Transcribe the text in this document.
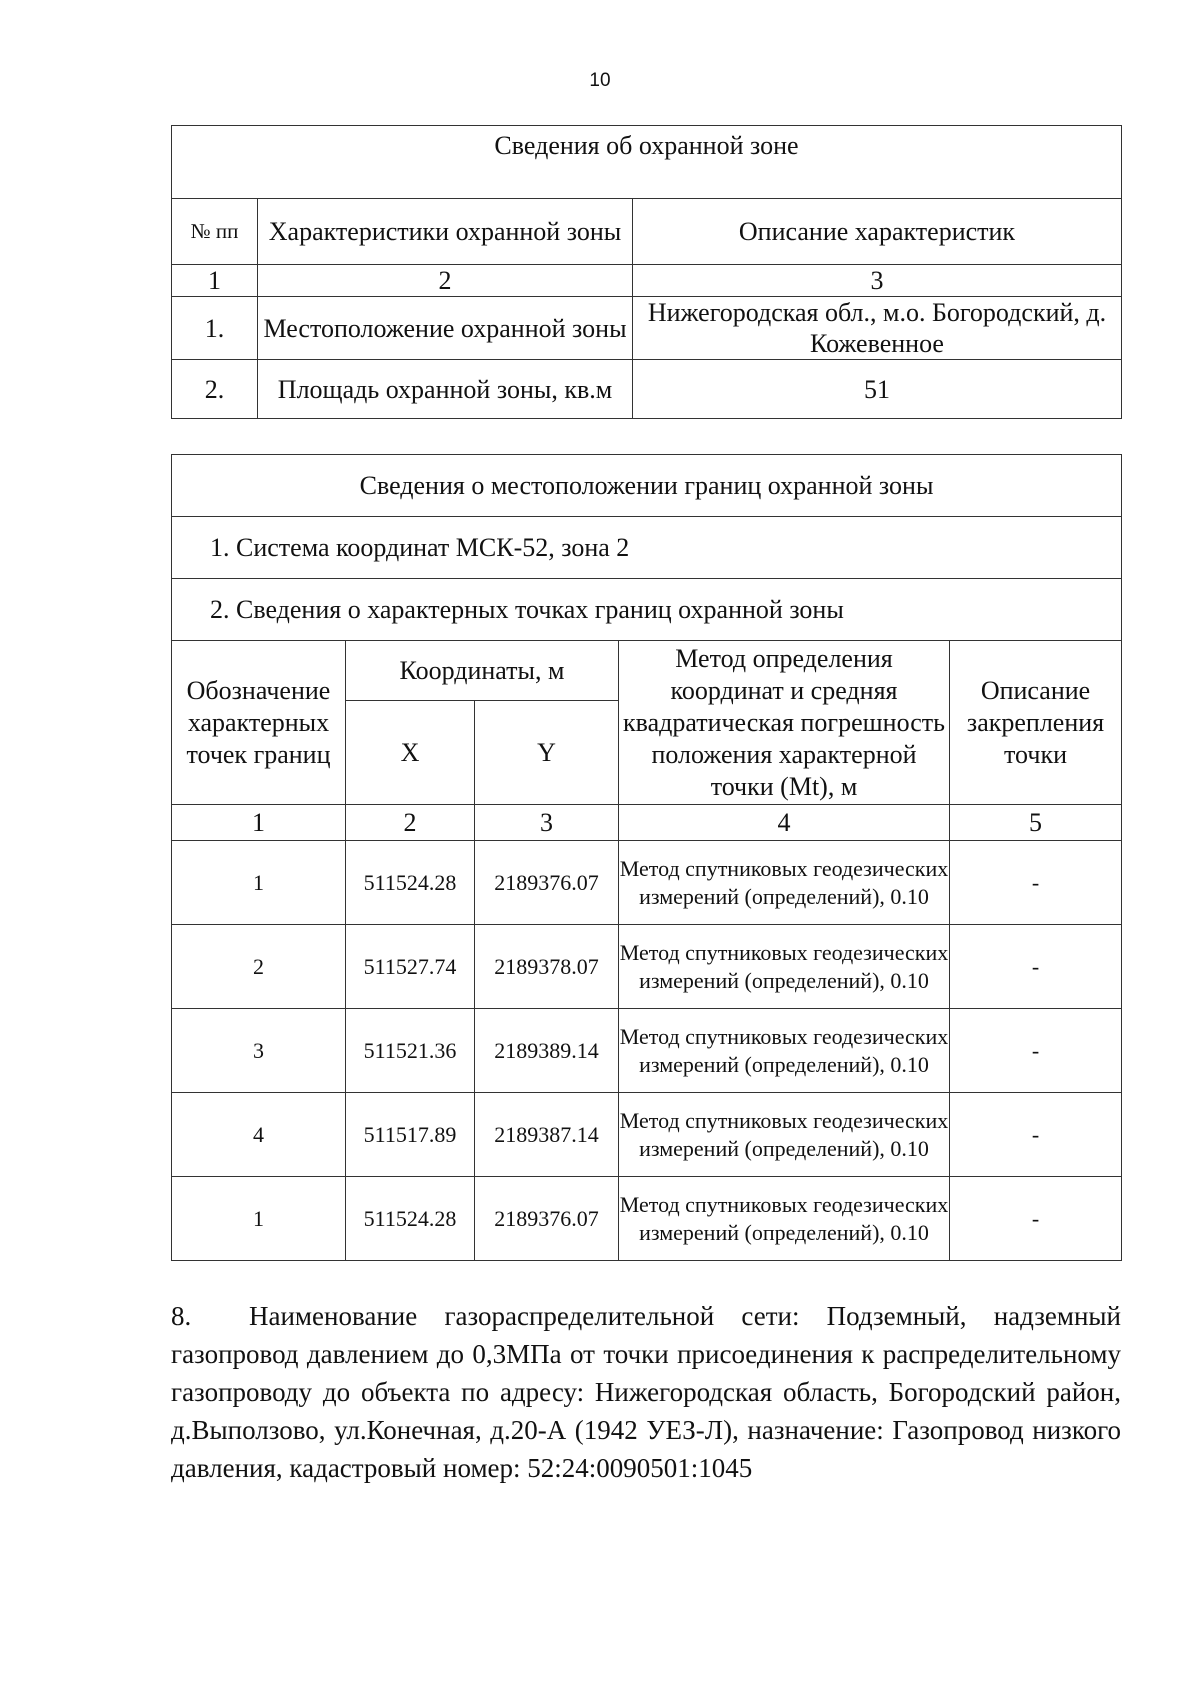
10
Сведения об охранной зоне		
№ пп	Характеристики охранной зоны	Описание характеристик
1	2	3
1.	Местоположение охранной зоны	Нижегородская обл., м.о. Богородский, д. Кожевенное
2.	Площадь охранной зоны, кв.м	51
Сведения о местоположении границ охранной зоны				
1. Система координат МСК-52, зона 2				
2. Сведения о характерных точках границ охранной зоны				
Обозначение характерных точек границ	Координаты, м		Метод определения координат и средняя квадратическая погрешность положения характерной точки (Mt), м	Описание закрепления точки
	X	Y		
1	2	3	4	5
1	511524.28	2189376.07	Метод спутниковых геодезических измерений (определений), 0.10	-
2	511527.74	2189378.07	Метод спутниковых геодезических измерений (определений), 0.10	-
3	511521.36	2189389.14	Метод спутниковых геодезических измерений (определений), 0.10	-
4	511517.89	2189387.14	Метод спутниковых геодезических измерений (определений), 0.10	-
1	511524.28	2189376.07	Метод спутниковых геодезических измерений (определений), 0.10	-
8. Наименование газораспределительной сети: Подземный, надземный газопровод давлением до 0,3МПа от точки присоединения к распределительному газопроводу до объекта по адресу: Нижегородская область, Богородский район, д.Выползово, ул.Конечная, д.20-А (1942 УЕЗ-Л), назначение: Газопровод низкого давления, кадастровый номер: 52:24:0090501:1045
